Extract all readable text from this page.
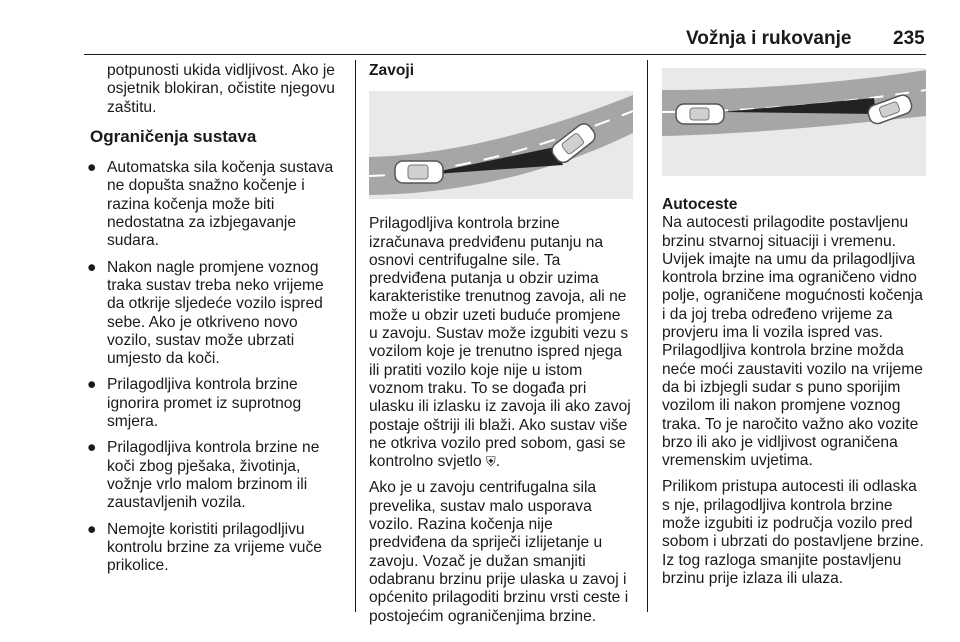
Vožnja i rukovanje 235

potpunosti ukida vidljivost. Ako je osjetnik blokiran, očistite njegovu zaštitu.

Ograničenja sustava
● Automatska sila kočenja sustava ne dopušta snažno kočenje i razina kočenja može biti nedostatna za izbjegavanje sudara.
● Nakon nagle promjene voznog traka sustav treba neko vrijeme da otkrije sljedeće vozilo ispred sebe. Ako je otkriveno novo vozilo, sustav može ubrzati umjesto da koči.
● Prilagodljiva kontrola brzine ignorira promet iz suprotnog smjera.
● Prilagodljiva kontrola brzine ne koči zbog pješaka, životinja, vožnje vrlo malom brzinom ili zaustavljenih vozila.
● Nemojte koristiti prilagodljivu kontrolu brzine za vrijeme vuče prikolice.
Zavoji

Prilagodljiva kontrola brzine izračunava predviđenu putanju na osnovi centrifugalne sile. Ta predviđena putanja u obzir uzima karakteristike trenutnog zavoja, ali ne može u obzir uzeti buduće promjene u zavoju. Sustav može izgubiti vezu s vozilom koje je trenutno ispred njega ili pratiti vozilo koje nije u istom voznom traku. To se događa pri ulasku ili izlasku iz zavoja ili ako zavoj postaje oštriji ili blaži. Ako sustav više ne otkriva vozilo pred sobom, gasi se kontrolno svjetlo ⛨.

Ako je u zavoju centrifugalna sila prevelika, sustav malo usporava vozilo. Razina kočenja nije predviđena da spriječi izlijetanje u zavoju. Vozač je dužan smanjiti odabranu brzinu prije ulaska u zavoj i općenito prilagoditi brzinu vrsti ceste i postojećim ograničenjima brzine.

Autoceste

Na autocesti prilagodite postavljenu brzinu stvarnoj situaciji i vremenu. Uvijek imajte na umu da prilagodljiva kontrola brzine ima ograničeno vidno polje, ograničene mogućnosti kočenja i da joj treba određeno vrijeme za provjeru ima li vozila ispred vas. Prilagodljiva kontrola brzine možda neće moći zaustaviti vozilo na vrijeme da bi izbjegli sudar s puno sporijim vozilom ili nakon promjene voznog traka. To je naročito važno ako vozite brzo ili ako je vidljivost ograničena vremenskim uvjetima.

Prilikom pristupa autocesti ili odlaska s nje, prilagodljiva kontrola brzine može izgubiti iz područja vozilo pred sobom i ubrzati do postavljene brzine. Iz tog razloga smanjite postavljenu brzinu prije izlaza ili ulaza.
